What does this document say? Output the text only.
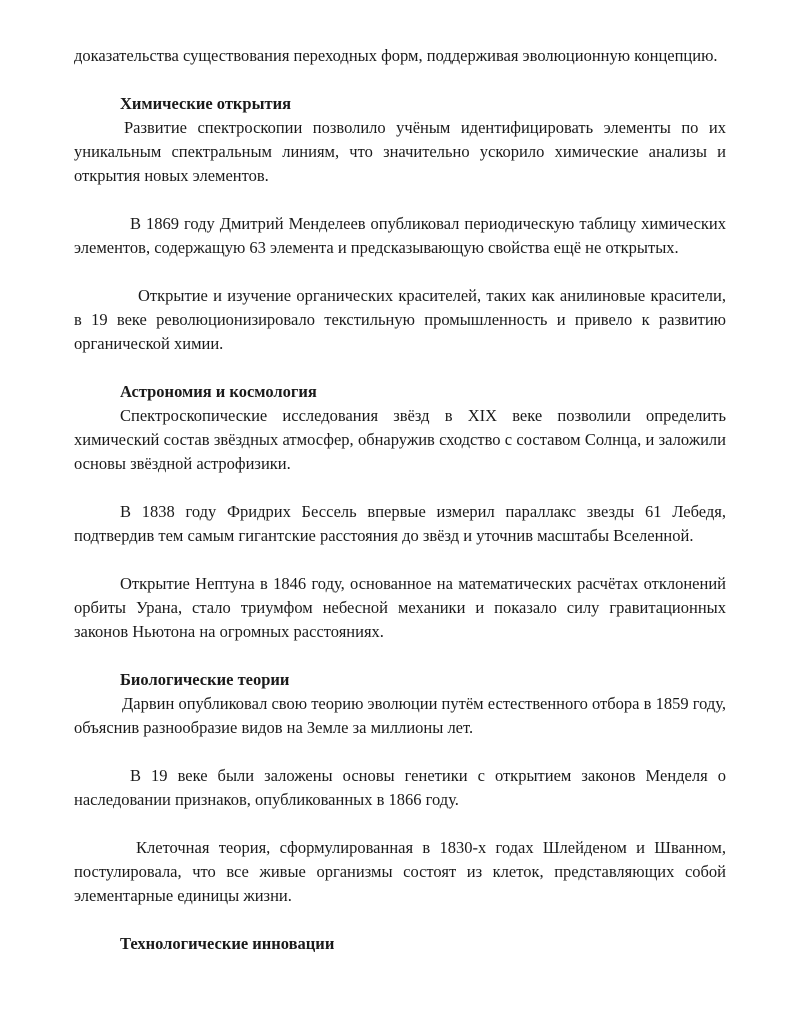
доказательства существования переходных форм, поддерживая эволюционную концепцию.

Химические открытия

Развитие спектроскопии позволило учёным идентифицировать элементы по их уникальным спектральным линиям, что значительно ускорило химические анализы и открытия новых элементов.

В 1869 году Дмитрий Менделеев опубликовал периодическую таблицу химических элементов, содержащую 63 элемента и предсказывающую свойства ещё не открытых.

Открытие и изучение органических красителей, таких как анилиновые красители, в 19 веке революционизировало текстильную промышленность и привело к развитию органической химии.

Астрономия и космология

Спектроскопические исследования звёзд в XIX веке позволили определить химический состав звёздных атмосфер, обнаружив сходство с составом Солнца, и заложили основы звёздной астрофизики.

В 1838 году Фридрих Бессель впервые измерил параллакс звезды 61 Лебедя, подтвердив тем самым гигантские расстояния до звёзд и уточнив масштабы Вселенной.

Открытие Нептуна в 1846 году, основанное на математических расчётах отклонений орбиты Урана, стало триумфом небесной механики и показало силу гравитационных законов Ньютона на огромных расстояниях.

Биологические теории

Дарвин опубликовал свою теорию эволюции путём естественного отбора в 1859 году, объяснив разнообразие видов на Земле за миллионы лет.

В 19 веке были заложены основы генетики с открытием законов Менделя о наследовании признаков, опубликованных в 1866 году.

Клеточная теория, сформулированная в 1830-х годах Шлейденом и Шванном, постулировала, что все живые организмы состоят из клеток, представляющих собой элементарные единицы жизни.

Технологические инновации
